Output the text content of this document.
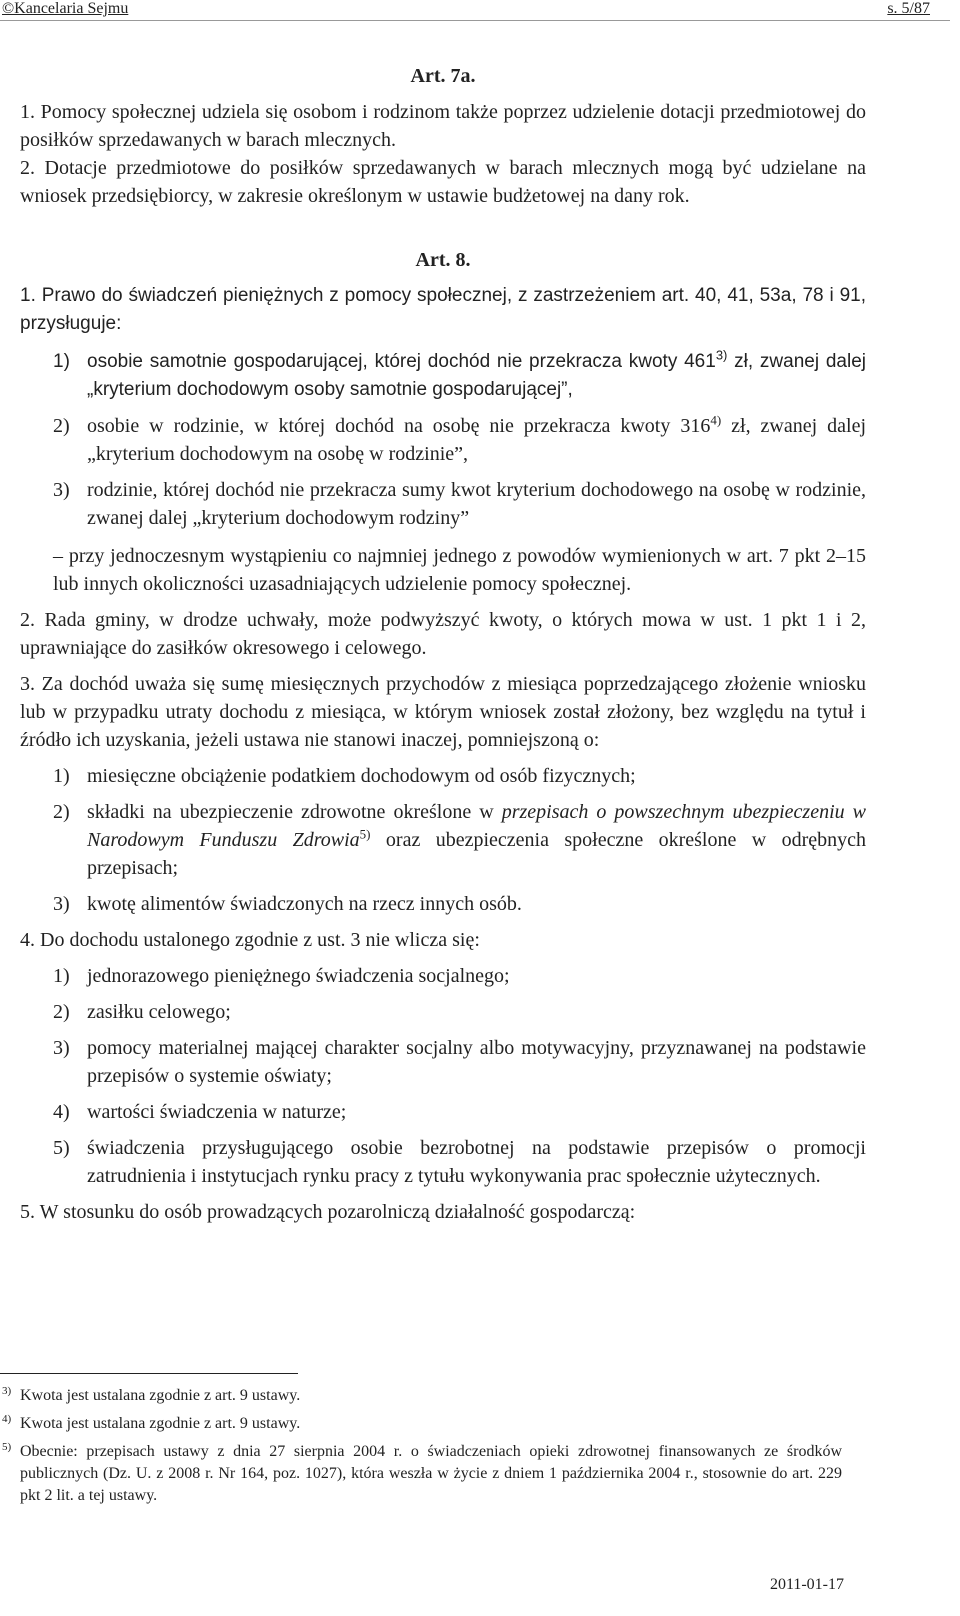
©Kancelaria Sejmu	s. 5/87

Art. 7a.

1. Pomocy społecznej udziela się osobom i rodzinom także poprzez udzielenie dotacji przedmiotowej do posiłków sprzedawanych w barach mlecznych.

2. Dotacje przedmiotowe do posiłków sprzedawanych w barach mlecznych mogą być udzielane na wniosek przedsiębiorcy, w zakresie określonym w ustawie budżetowej na dany rok.

Art. 8.

1. Prawo do świadczeń pieniężnych z pomocy społecznej, z zastrzeżeniem art. 40, 41, 53a, 78 i 91, przysługuje:

1) osobie samotnie gospodarującej, której dochód nie przekracza kwoty 461$^{3)}$ zł, zwanej dalej „kryterium dochodowym osoby samotnie gospodarującej”,

2) osobie w rodzinie, w której dochód na osobę nie przekracza kwoty 316$^{4)}$ zł, zwanej dalej „kryterium dochodowym na osobę w rodzinie”,

3) rodzinie, której dochód nie przekracza sumy kwot kryterium dochodowego na osobę w rodzinie, zwanej dalej „kryterium dochodowym rodziny”

– przy jednoczesnym wystąpieniu co najmniej jednego z powodów wymienionych w art. 7 pkt 2–15 lub innych okoliczności uzasadniających udzielenie pomocy społecznej.

2. Rada gminy, w drodze uchwały, może podwyższyć kwoty, o których mowa w ust. 1 pkt 1 i 2, uprawniające do zasiłków okresowego i celowego.

3. Za dochód uważa się sumę miesięcznych przychodów z miesiąca poprzedzającego złożenie wniosku lub w przypadku utraty dochodu z miesiąca, w którym wniosek został złożony, bez względu na tytuł i źródło ich uzyskania, jeżeli ustawa nie stanowi inaczej, pomniejszoną o:

1) miesięczne obciążenie podatkiem dochodowym od osób fizycznych;

2) składki na ubezpieczenie zdrowotne określone w przepisach o powszechnym ubezpieczeniu w Narodowym Funduszu Zdrowia$^{5)}$ oraz ubezpieczenia społeczne określone w odrębnych przepisach;

3) kwotę alimentów świadczonych na rzecz innych osób.

4. Do dochodu ustalonego zgodnie z ust. 3 nie wlicza się:

1) jednorazowego pieniężnego świadczenia socjalnego;

2) zasiłku celowego;

3) pomocy materialnej mającej charakter socjalny albo motywacyjny, przyznawanej na podstawie przepisów o systemie oświaty;

4) wartości świadczenia w naturze;

5) świadczenia przysługującego osobie bezrobotnej na podstawie przepisów o promocji zatrudnienia i instytucjach rynku pracy z tytułu wykonywania prac społecznie użytecznych.

5. W stosunku do osób prowadzących pozarolniczą działalność gospodarczą:

3) Kwota jest ustalana zgodnie z art. 9 ustawy.

4) Kwota jest ustalana zgodnie z art. 9 ustawy.

5) Obecnie: przepisach ustawy z dnia 27 sierpnia 2004 r. o świadczeniach opieki zdrowotnej finansowanych ze środków publicznych (Dz. U. z 2008 r. Nr 164, poz. 1027), która weszła w życie z dniem 1 października 2004 r., stosownie do art. 229 pkt 2 lit. a tej ustawy.

2011-01-17
